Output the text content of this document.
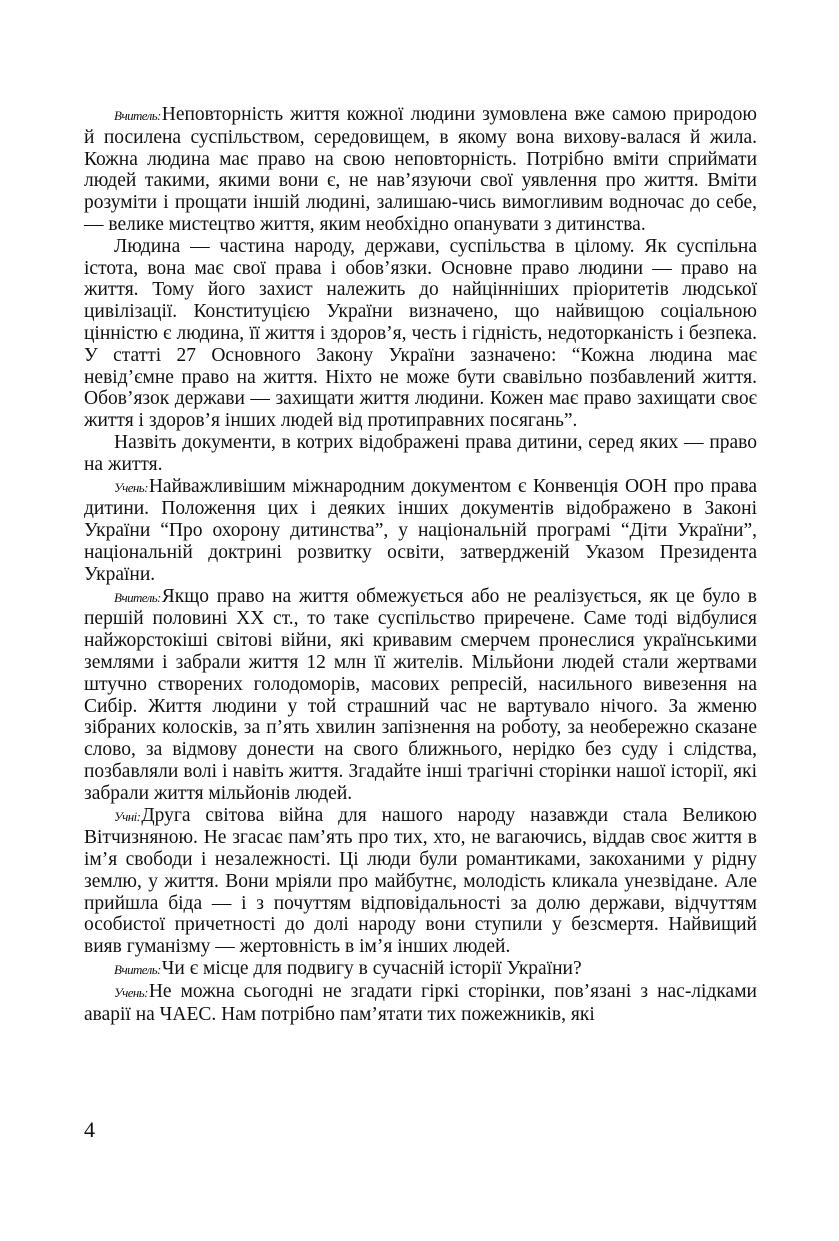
Вчитель:Неповторність життя кожної людини зумовлена вже самою природою й посилена суспільством, середовищем, в якому вона вихову-валася й жила. Кожна людина має право на свою неповторність. Потрібно вміти сприймати людей такими, якими вони є, не нав’язуючи свої уявлення про життя. Вміти розуміти і прощати іншій людині, залишаю-чись вимогливим водночас до себе, — велике мистецтво життя, яким необхідно опанувати з дитинства.

Людина — частина народу, держави, суспільства в цілому. Як суспільна істота, вона має свої права і обов’язки. Основне право людини — право на життя. Тому його захист належить до найцінніших пріоритетів людської цивілізації. Конституцією України визначено, що найвищою соціальною цінністю є людина, її життя і здоров’я, честь і гідність, недоторканість і безпека. У статті 27 Основного Закону України зазначено: “Кожна людина має невід’ємне право на життя. Ніхто не може бути свавільно позбавлений життя. Обов’язок держави — захищати життя людини. Кожен має право захищати своє життя і здоров’я інших людей від протиправних посягань”.

Назвіть документи, в котрих відображені права дитини, серед яких — право на життя.

Учень:Найважливішим міжнародним документом є Конвенція ООН про права дитини. Положення цих і деяких інших документів відображено в Законі України “Про охорону дитинства”, у національній програмі “Діти України”, національній доктрині розвитку освіти, затвердженій Указом Президента України.

Вчитель:Якщо право на життя обмежується або не реалізується, як це було в першій половині XX ст., то таке суспільство приречене. Саме тоді відбулися найжорстокіші світові війни, які кривавим смерчем пронеслися українськими землями і забрали життя 12 млн її жителів. Мільйони людей стали жертвами штучно створених голодоморів, масових репресій, насильного вивезення на Сибір. Життя людини у той страшний час не вартувало нічого. За жменю зібраних колосків, за п’ять хвилин запізнення на роботу, за необережно сказане слово, за відмову донести на свого ближнього, нерідко без суду і слідства, позбавляли волі і навіть життя. Згадайте інші трагічні сторінки нашої історії, які забрали життя мільйонів людей.

Учні:Друга світова війна для нашого народу назавжди стала Великою Вітчизняною. Не згасає пам’ять про тих, хто, не вагаючись, віддав своє життя в ім’я свободи і незалежності. Ці люди були романтиками, закоханими у рідну землю, у життя. Вони мріяли про майбутнє, молодість кликала унезвідане. Але прийшла біда — і з почуттям відповідальності за долю держави, відчуттям особистої причетності до долі народу вони ступили у безсмертя. Найвищий вияв гуманізму — жертовність в ім’я інших людей.

Вчитель:Чи є місце для подвигу в сучасній історії України?

Учень:Не можна сьогодні не згадати гіркі сторінки, пов’язані з нас-лідками аварії на ЧАЕС. Нам потрібно пам’ятати тих пожежників, які

4
